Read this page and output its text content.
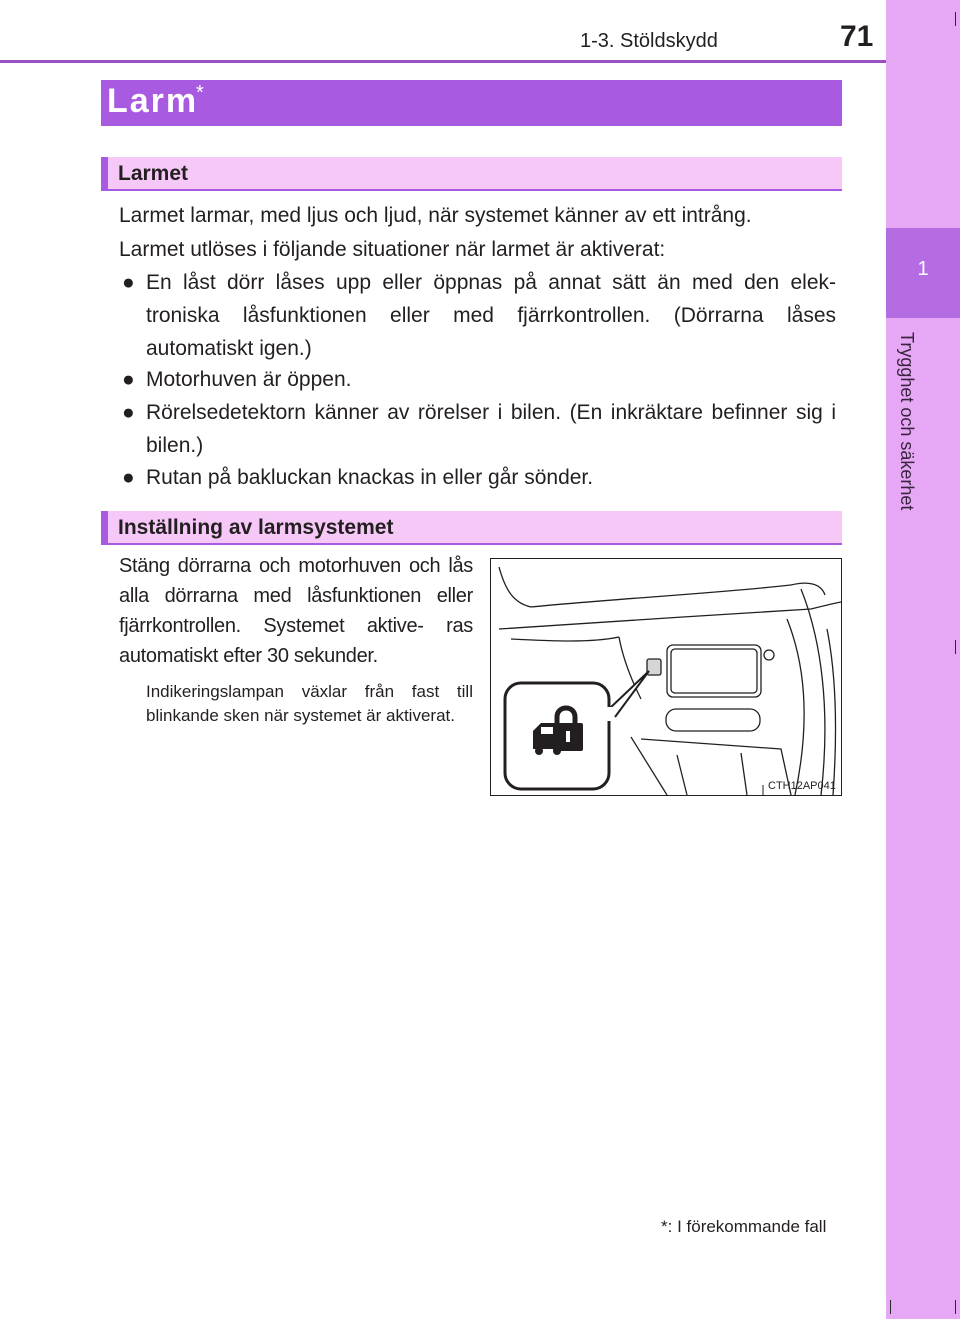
1-3. Stöldskydd	71
1
Trygghet och säkerhet
Larm
*
Larmet
Larmet larmar, med ljus och ljud, när systemet känner av ett intrång.
Larmet utlöses i följande situationer när larmet är aktiverat:
● En låst dörr låses upp eller öppnas på annat sätt än med den elek- troniska låsfunktionen eller med fjärrkontrollen. (Dörrarna låses automatiskt igen.)
● Motorhuven är öppen.
● Rörelsedetektorn känner av rörelser i bilen. (En inkräktare befinner sig i bilen.)
● Rutan på bakluckan knackas in eller går sönder.
Inställning av larmsystemet
Stäng dörrarna och motorhuven och lås alla dörrarna med låsfunktionen eller fjärrkontrollen. Systemet aktive- ras automatiskt efter 30 sekunder.
Indikeringslampan växlar från fast till blinkande sken när systemet är aktiverat.
CTH12AP041
*: I förekommande fall
